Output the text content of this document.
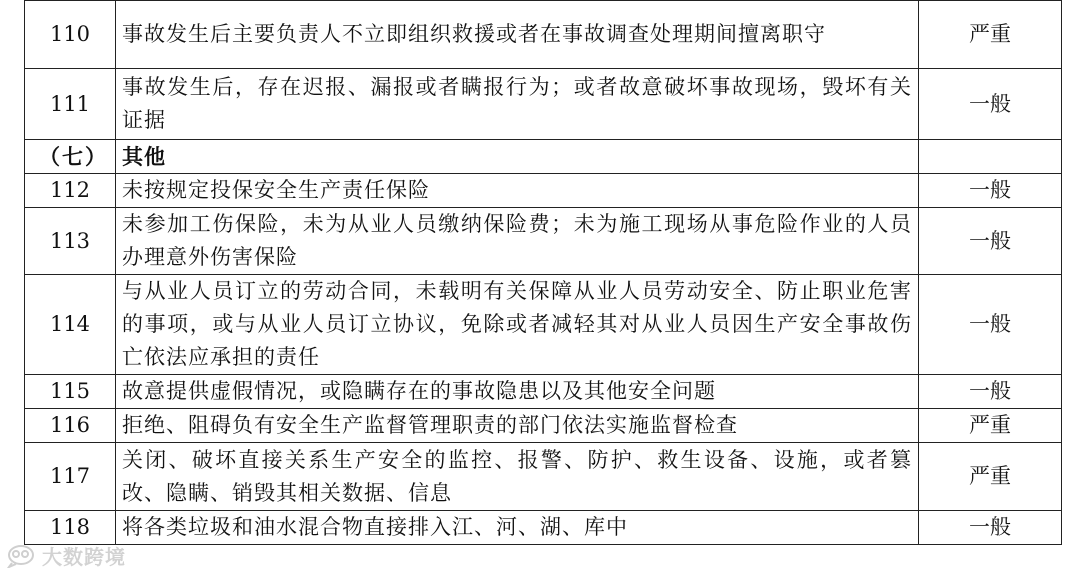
110	事故发生后主要负责人不立即组织救援或者在事故调查处理期间擅离职守	严重
111	事故发生后，存在迟报、漏报或者瞒报行为；或者故意破坏事故现场，毁坏有关证据	一般
（七）	其他	
112	未按规定投保安全生产责任保险	一般
113	未参加工伤保险，未为从业人员缴纳保险费；未为施工现场从事危险作业的人员办理意外伤害保险	一般
114	与从业人员订立的劳动合同，未载明有关保障从业人员劳动安全、防止职业危害的事项，或与从业人员订立协议，免除或者减轻其对从业人员因生产安全事故伤亡依法应承担的责任	一般
115	故意提供虚假情况，或隐瞒存在的事故隐患以及其他安全问题	一般
116	拒绝、阻碍负有安全生产监督管理职责的部门依法实施监督检查	严重
117	关闭、破坏直接关系生产安全的监控、报警、防护、救生设备、设施，或者篡改、隐瞒、销毁其相关数据、信息	严重
118	将各类垃圾和油水混合物直接排入江、河、湖、库中	一般
大数跨境
